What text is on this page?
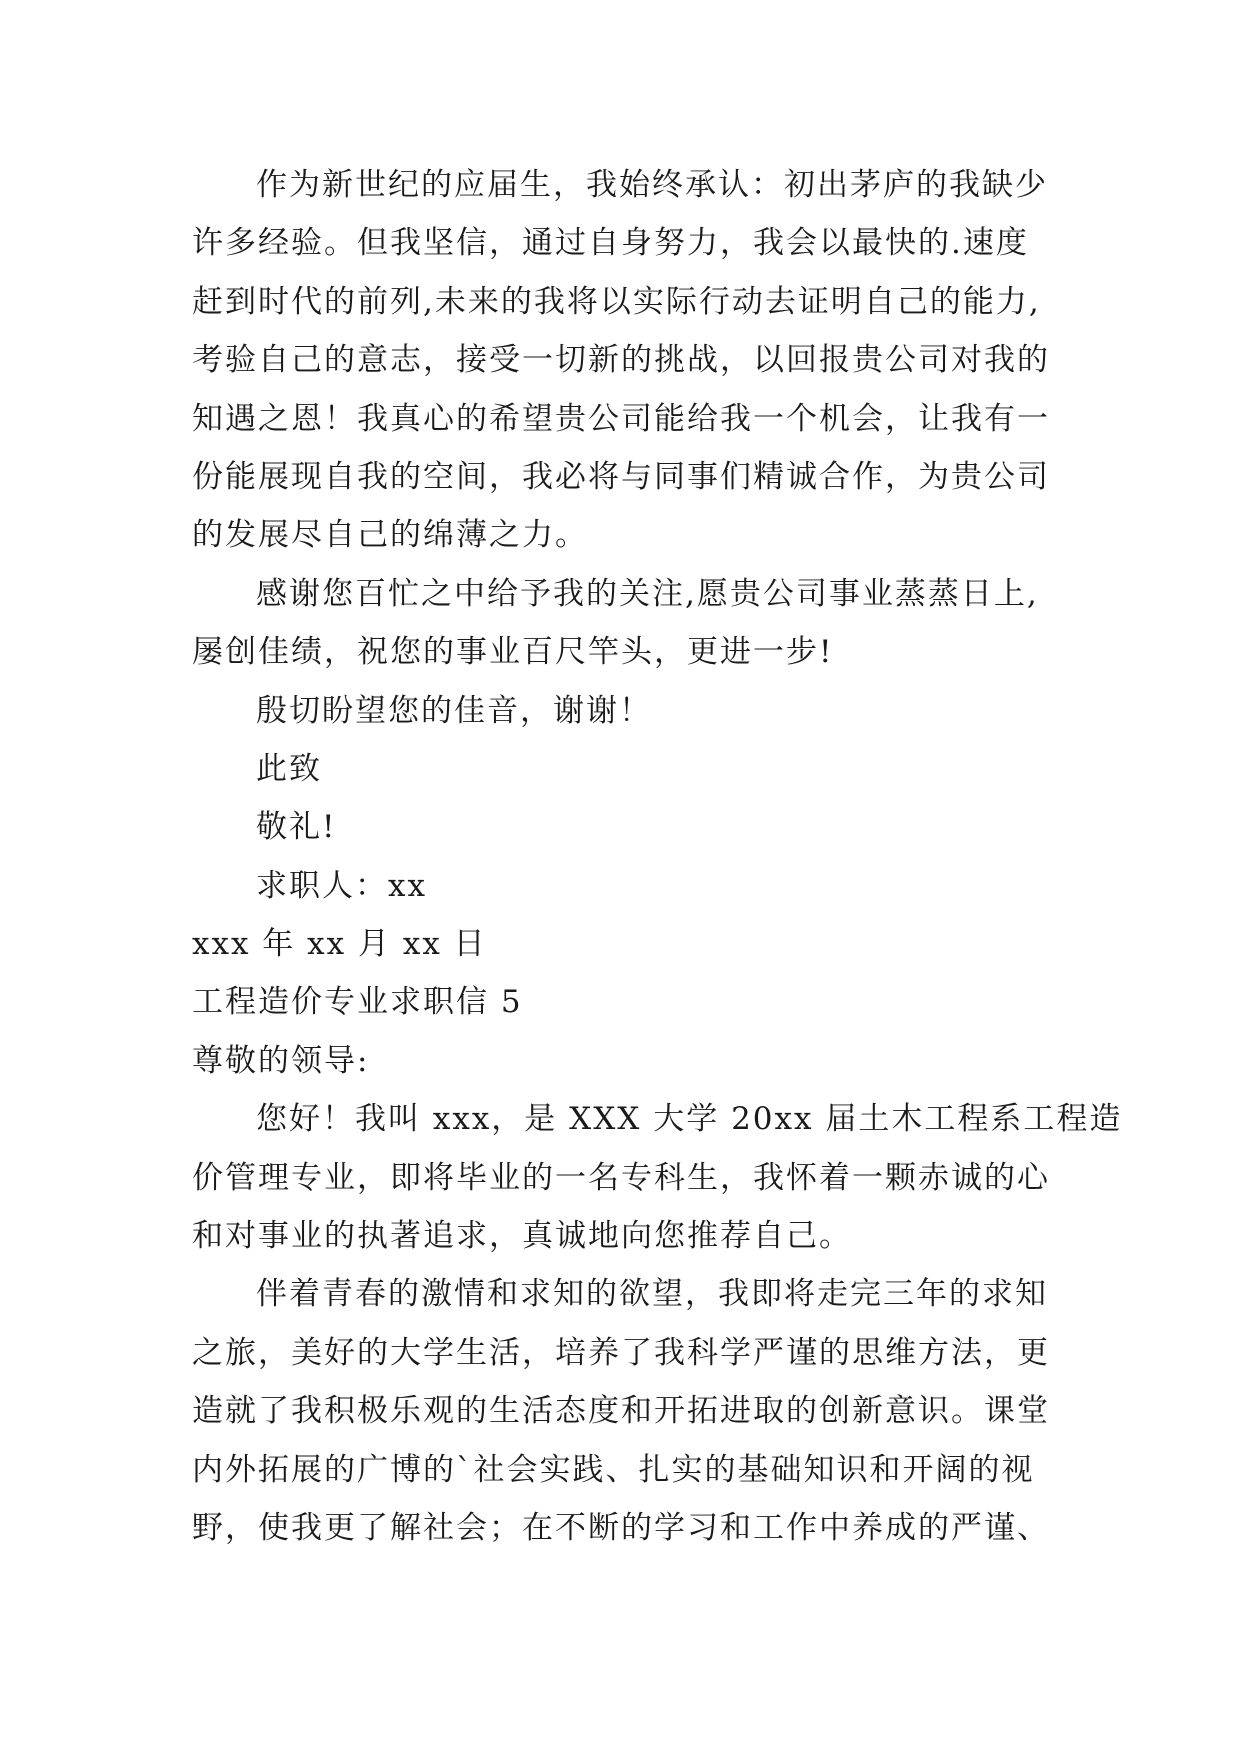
作为新世纪的应届生，我始终承认：初出茅庐的我缺少
许多经验。但我坚信，通过自身努力，我会以最快的.速度
赶到时代的前列,未来的我将以实际行动去证明自己的能力,
考验自己的意志，接受一切新的挑战，以回报贵公司对我的
知遇之恩！我真心的希望贵公司能给我一个机会，让我有一
份能展现自我的空间，我必将与同事们精诚合作，为贵公司
的发展尽自己的绵薄之力。
感谢您百忙之中给予我的关注,愿贵公司事业蒸蒸日上,
屡创佳绩，祝您的事业百尺竿头，更进一步!
殷切盼望您的佳音，谢谢！
此致
敬礼!
求职人：xx
xxx 年 xx 月 xx 日
工程造价专业求职信 5
尊敬的领导:
您好！我叫 xxx，是 XXX 大学 20xx 届土木工程系工程造
价管理专业，即将毕业的一名专科生，我怀着一颗赤诚的心
和对事业的执著追求，真诚地向您推荐自己。
伴着青春的激情和求知的欲望，我即将走完三年的求知
之旅，美好的大学生活，培养了我科学严谨的思维方法，更
造就了我积极乐观的生活态度和开拓进取的创新意识。课堂
内外拓展的广博的`社会实践、扎实的基础知识和开阔的视
野，使我更了解社会；在不断的学习和工作中养成的严谨、
